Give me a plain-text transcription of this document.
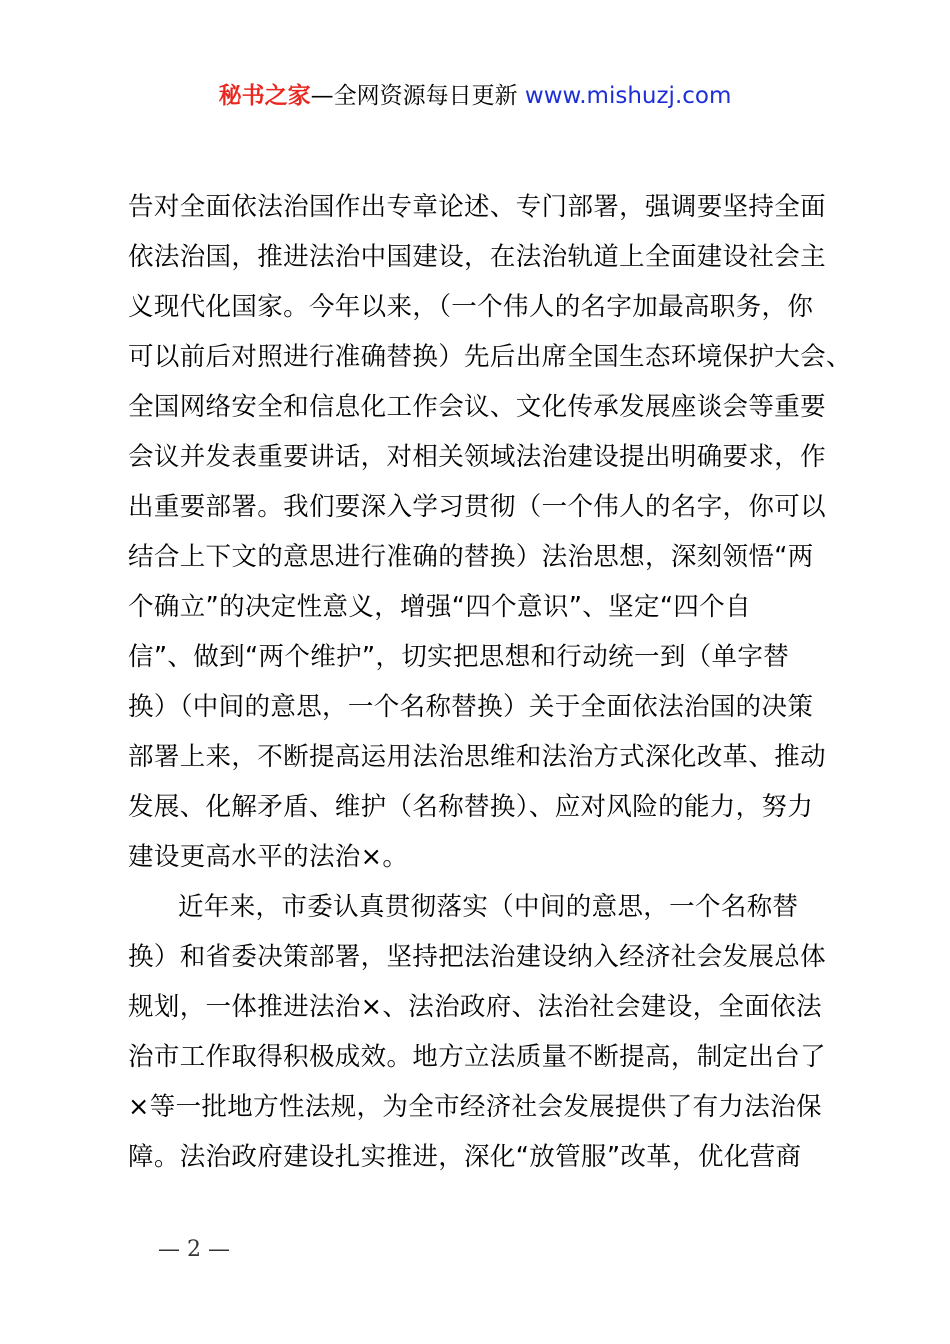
秘书之家—全网资源每日更新 www.mishuzj.com
告对全面依法治国作出专章论述、专门部署，强调要坚持全面
依法治国，推进法治中国建设，在法治轨道上全面建设社会主
义现代化国家。今年以来，（一个伟人的名字加最高职务，你
可以前后对照进行准确替换）先后出席全国生态环境保护大会、
全国网络安全和信息化工作会议、文化传承发展座谈会等重要
会议并发表重要讲话，对相关领域法治建设提出明确要求，作
出重要部署。我们要深入学习贯彻（一个伟人的名字，你可以
结合上下文的意思进行准确的替换）法治思想，深刻领悟“两
个确立”的决定性意义，增强“四个意识”、坚定“四个自
信”、做到“两个维护”，切实把思想和行动统一到（单字替
换）（中间的意思，一个名称替换）关于全面依法治国的决策
部署上来，不断提高运用法治思维和法治方式深化改革、推动
发展、化解矛盾、维护（名称替换）、应对风险的能力，努力
建设更高水平的法治×。
近年来，市委认真贯彻落实（中间的意思，一个名称替
换）和省委决策部署，坚持把法治建设纳入经济社会发展总体
规划，一体推进法治×、法治政府、法治社会建设，全面依法
治市工作取得积极成效。地方立法质量不断提高，制定出台了
×等一批地方性法规，为全市经济社会发展提供了有力法治保
障。法治政府建设扎实推进，深化“放管服”改革，优化营商
— 2 —
